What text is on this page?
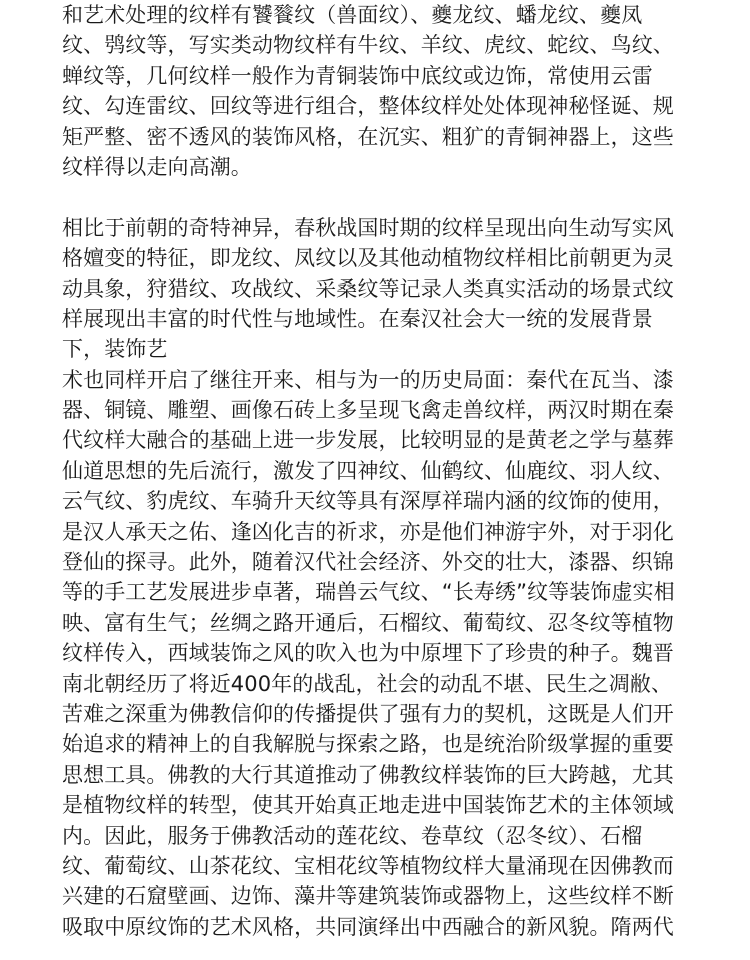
和艺术处理的纹样有饕餮纹（兽面纹）、夔龙纹、蟠龙纹、夔凤
纹、鸮纹等，写实类动物纹样有牛纹、羊纹、虎纹、蛇纹、鸟纹、
蝉纹等，几何纹样一般作为青铜装饰中底纹或边饰，常使用云雷
纹、勾连雷纹、回纹等进行组合，整体纹样处处体现神秘怪诞、规
矩严整、密不透风的装饰风格，在沉实、粗犷的青铜神器上，这些
纹样得以走向高潮。
相比于前朝的奇特神异，春秋战国时期的纹样呈现出向生动写实风
格嬗变的特征，即龙纹、凤纹以及其他动植物纹样相比前朝更为灵
动具象，狩猎纹、攻战纹、采桑纹等记录人类真实活动的场景式纹
样展现出丰富的时代性与地域性。在秦汉社会大一统的发展背景
下，装饰艺
术也同样开启了继往开来、相与为一的历史局面：秦代在瓦当、漆
器、铜镜、雕塑、画像石砖上多呈现飞禽走兽纹样，两汉时期在秦
代纹样大融合的基础上进一步发展，比较明显的是黄老之学与墓葬
仙道思想的先后流行，激发了四神纹、仙鹤纹、仙鹿纹、羽人纹、
云气纹、豹虎纹、车骑升天纹等具有深厚祥瑞内涵的纹饰的使用，
是汉人承天之佑、逢凶化吉的祈求，亦是他们神游宇外，对于羽化
登仙的探寻。此外，随着汉代社会经济、外交的壮大，漆器、织锦
等的手工艺发展进步卓著，瑞兽云气纹、“长寿绣”纹等装饰虚实相
映、富有生气；丝绸之路开通后，石榴纹、葡萄纹、忍冬纹等植物
纹样传入，西域装饰之风的吹入也为中原埋下了珍贵的种子。魏晋
南北朝经历了将近400年的战乱，社会的动乱不堪、民生之凋敝、
苦难之深重为佛教信仰的传播提供了强有力的契机，这既是人们开
始追求的精神上的自我解脱与探索之路，也是统治阶级掌握的重要
思想工具。佛教的大行其道推动了佛教纹样装饰的巨大跨越，尤其
是植物纹样的转型，使其开始真正地走进中国装饰艺术的主体领域
内。因此，服务于佛教活动的莲花纹、卷草纹（忍冬纹）、石榴
纹、葡萄纹、山茶花纹、宝相花纹等植物纹样大量涌现在因佛教而
兴建的石窟壁画、边饰、藻井等建筑装饰或器物上，这些纹样不断
吸取中原纹饰的艺术风格，共同演绎出中西融合的新风貌。隋两代
